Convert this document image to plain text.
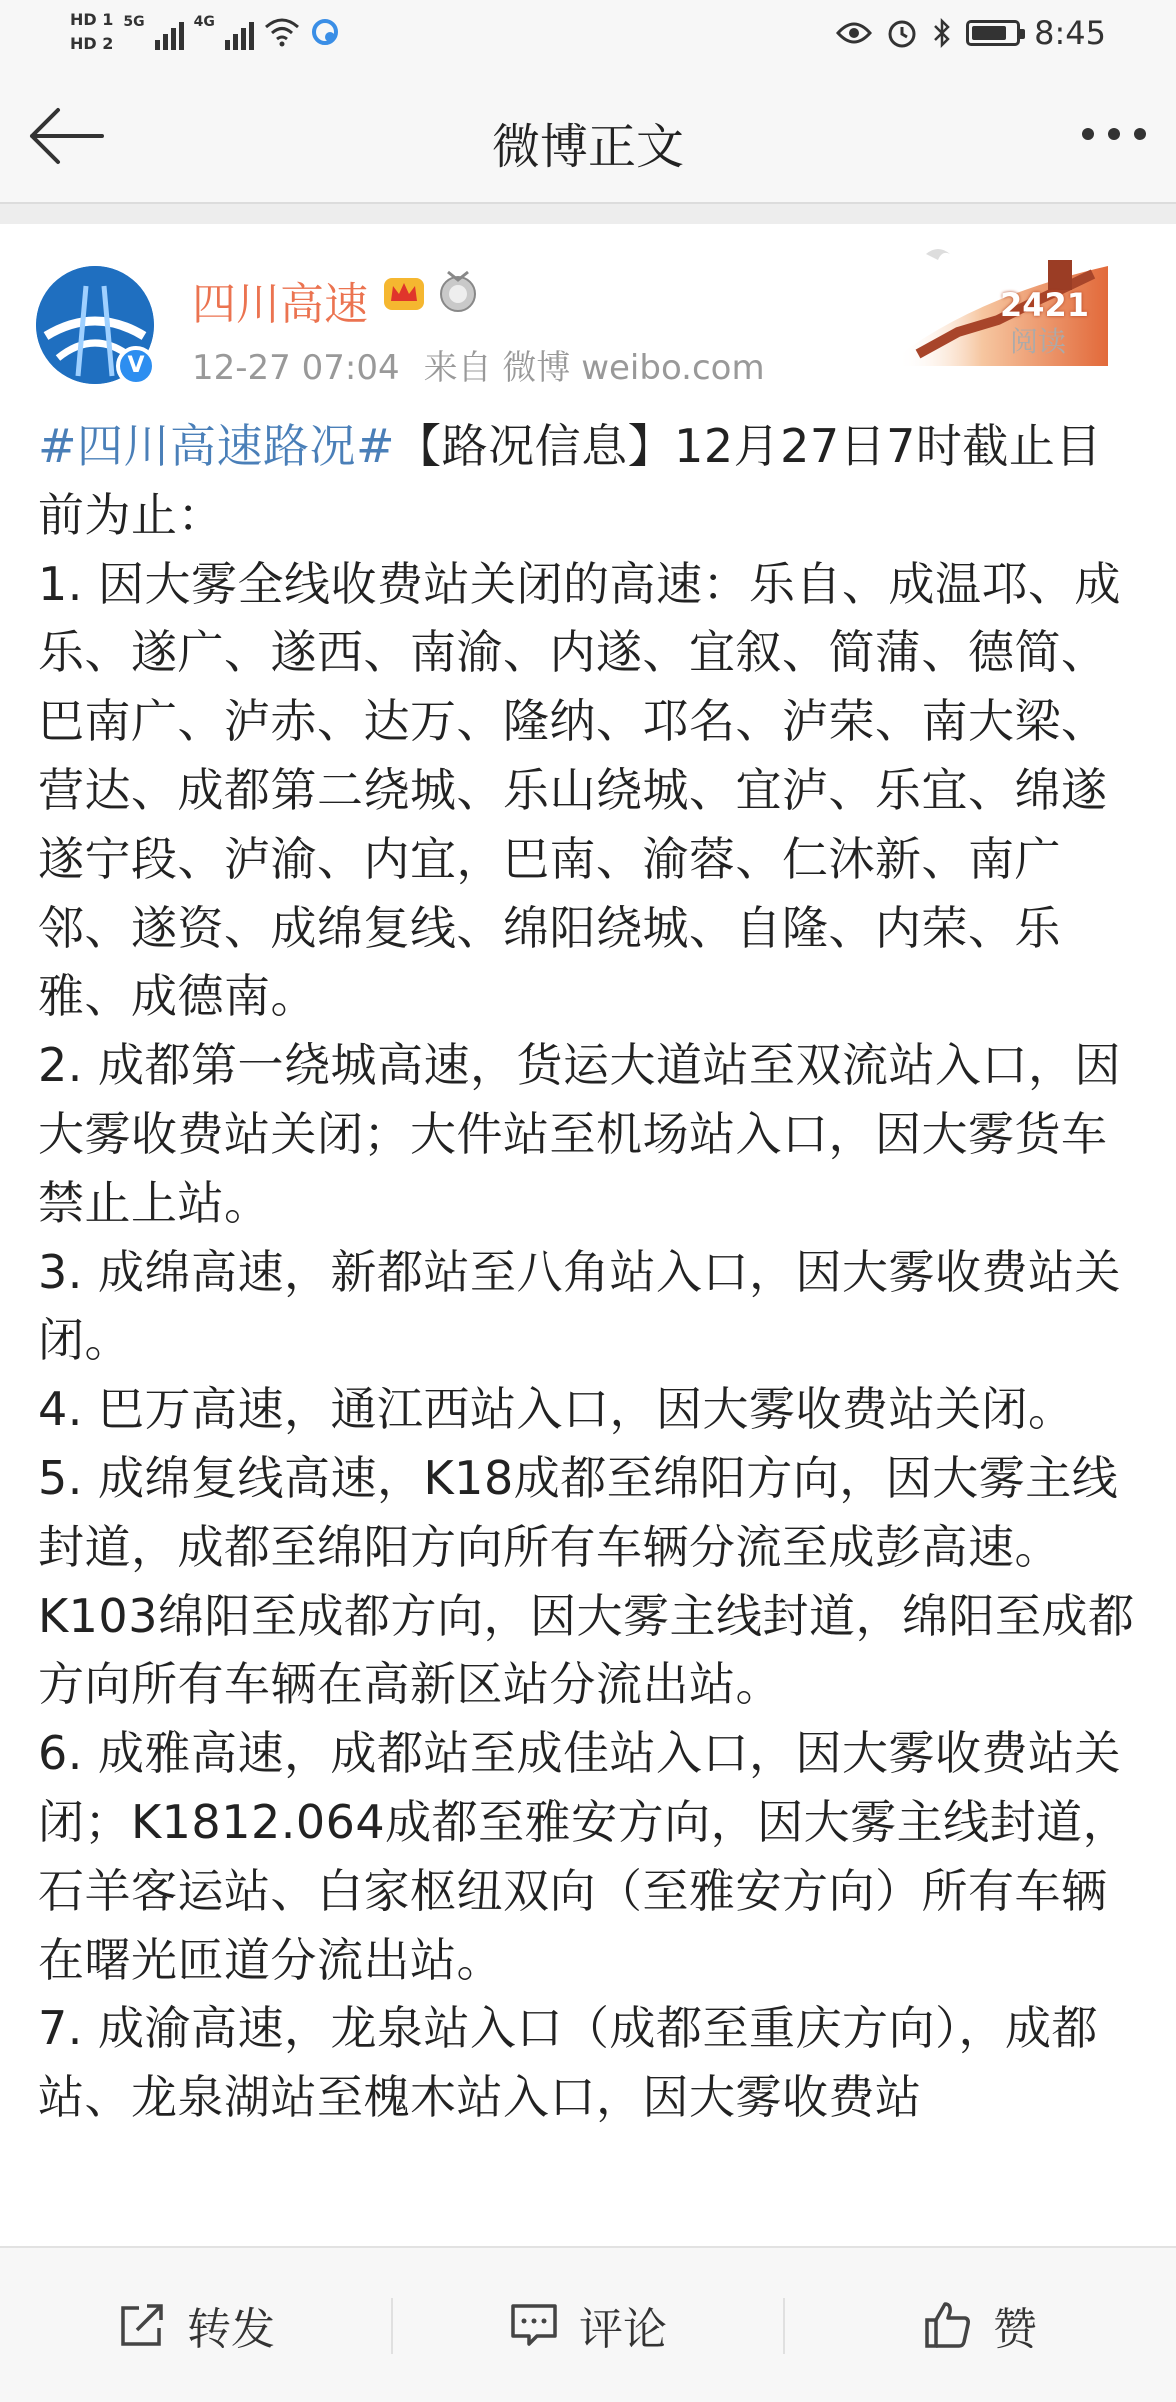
HD 1
HD 2
5G	4G	8:45
微博正文
V
四川高速
12-27 07:04 来自 微博 weibo.com
2421
阅读

#四川高速路况#【路况信息】12月27日7时截止目前为止：

1. 因大雾全线收费站关闭的高速：乐自、成温邛、成乐、遂广、遂西、南渝、内遂、宜叙、简蒲、德简、巴南广、泸赤、达万、隆纳、邛名、泸荣、南大梁、营达、成都第二绕城、乐山绕城、宜泸、乐宜、绵遂遂宁段、泸渝、内宜，巴南、渝蓉、仁沐新、南广邻、遂资、成绵复线、绵阳绕城、自隆、内荣、乐雅、成德南。

2. 成都第一绕城高速，货运大道站至双流站入口，因大雾收费站关闭；大件站至机场站入口，因大雾货车禁止上站。

3. 成绵高速，新都站至八角站入口，因大雾收费站关闭。

4. 巴万高速，通江西站入口，因大雾收费站关闭。

5. 成绵复线高速，K18成都至绵阳方向，因大雾主线封道，成都至绵阳方向所有车辆分流至成彭高速。K103绵阳至成都方向，因大雾主线封道，绵阳至成都方向所有车辆在高新区站分流出站。

6. 成雅高速，成都站至成佳站入口，因大雾收费站关闭；K1812.064成都至雅安方向，因大雾主线封道，石羊客运站、白家枢纽双向（至雅安方向）所有车辆在曙光匝道分流出站。

7. 成渝高速，龙泉站入口（成都至重庆方向），成都站、龙泉湖站至槐木站入口，因大雾收费站

转发	评论	赞
